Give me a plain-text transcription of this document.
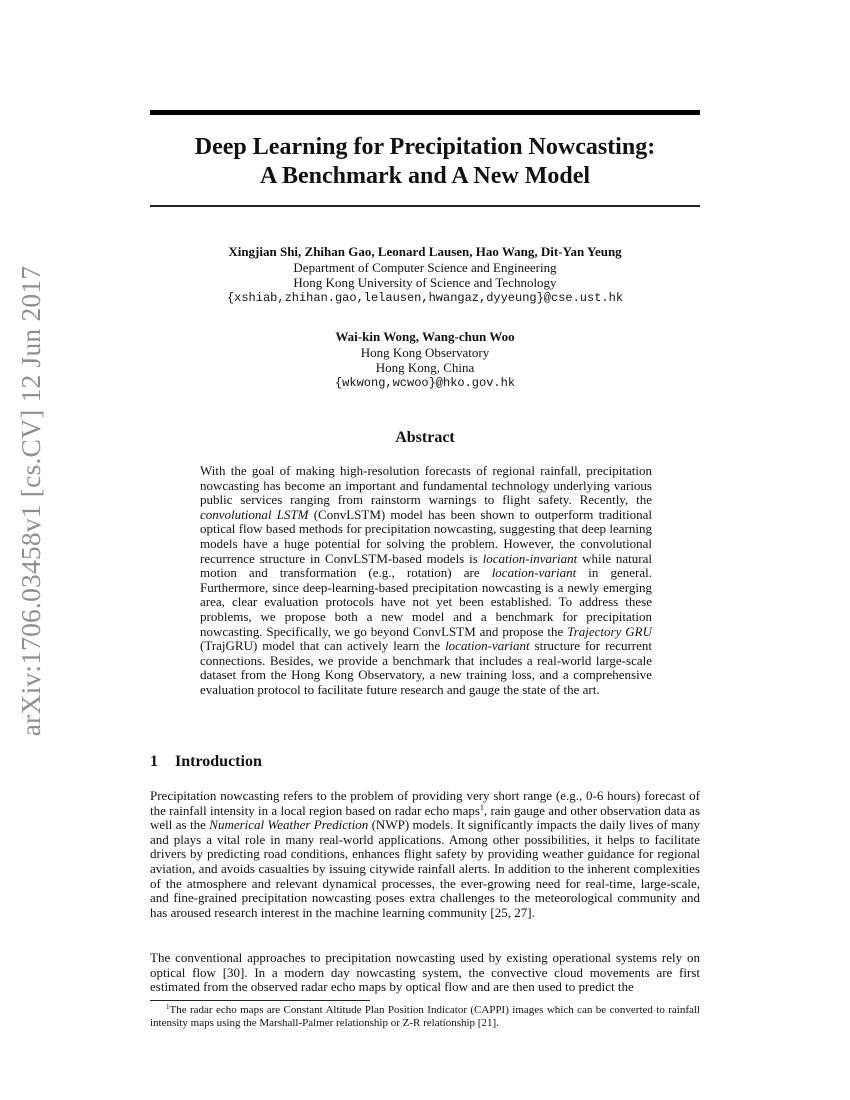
arXiv:1706.03458v1 [cs.CV] 12 Jun 2017
Deep Learning for Precipitation Nowcasting:
A Benchmark and A New Model
Xingjian Shi, Zhihan Gao, Leonard Lausen, Hao Wang, Dit-Yan Yeung
Department of Computer Science and Engineering
Hong Kong University of Science and Technology
{xshiab,zhihan.gao,lelausen,hwangaz,dyyeung}@cse.ust.hk
Wai-kin Wong, Wang-chun Woo
Hong Kong Observatory
Hong Kong, China
{wkwong,wcwoo}@hko.gov.hk
Abstract
With the goal of making high-resolution forecasts of regional rainfall, precipitation nowcasting has become an important and fundamental technology underlying various public services ranging from rainstorm warnings to flight safety. Recently, the convolutional LSTM (ConvLSTM) model has been shown to outperform traditional optical flow based methods for precipitation nowcasting, suggesting that deep learning models have a huge potential for solving the problem. However, the convolutional recurrence structure in ConvLSTM-based models is location-invariant while natural motion and transformation (e.g., rotation) are location-variant in general. Furthermore, since deep-learning-based precipitation nowcasting is a newly emerging area, clear evaluation protocols have not yet been established. To address these problems, we propose both a new model and a benchmark for precipitation nowcasting. Specifically, we go beyond ConvLSTM and propose the Trajectory GRU (TrajGRU) model that can actively learn the location-variant structure for recurrent connections. Besides, we provide a benchmark that includes a real-world large-scale dataset from the Hong Kong Observatory, a new training loss, and a comprehensive evaluation protocol to facilitate future research and gauge the state of the art.
1 Introduction
Precipitation nowcasting refers to the problem of providing very short range (e.g., 0-6 hours) forecast of the rainfall intensity in a local region based on radar echo maps$^1$, rain gauge and other observation data as well as the Numerical Weather Prediction (NWP) models. It significantly impacts the daily lives of many and plays a vital role in many real-world applications. Among other possibilities, it helps to facilitate drivers by predicting road conditions, enhances flight safety by providing weather guidance for regional aviation, and avoids casualties by issuing citywide rainfall alerts. In addition to the inherent complexities of the atmosphere and relevant dynamical processes, the ever-growing need for real-time, large-scale, and fine-grained precipitation nowcasting poses extra challenges to the meteorological community and has aroused research interest in the machine learning community [25, 27].
The conventional approaches to precipitation nowcasting used by existing operational systems rely on optical flow [30]. In a modern day nowcasting system, the convective cloud movements are first estimated from the observed radar echo maps by optical flow and are then used to predict the
$^1$The radar echo maps are Constant Altitude Plan Position Indicator (CAPPI) images which can be converted to rainfall intensity maps using the Marshall-Palmer relationship or Z-R relationship [21].
